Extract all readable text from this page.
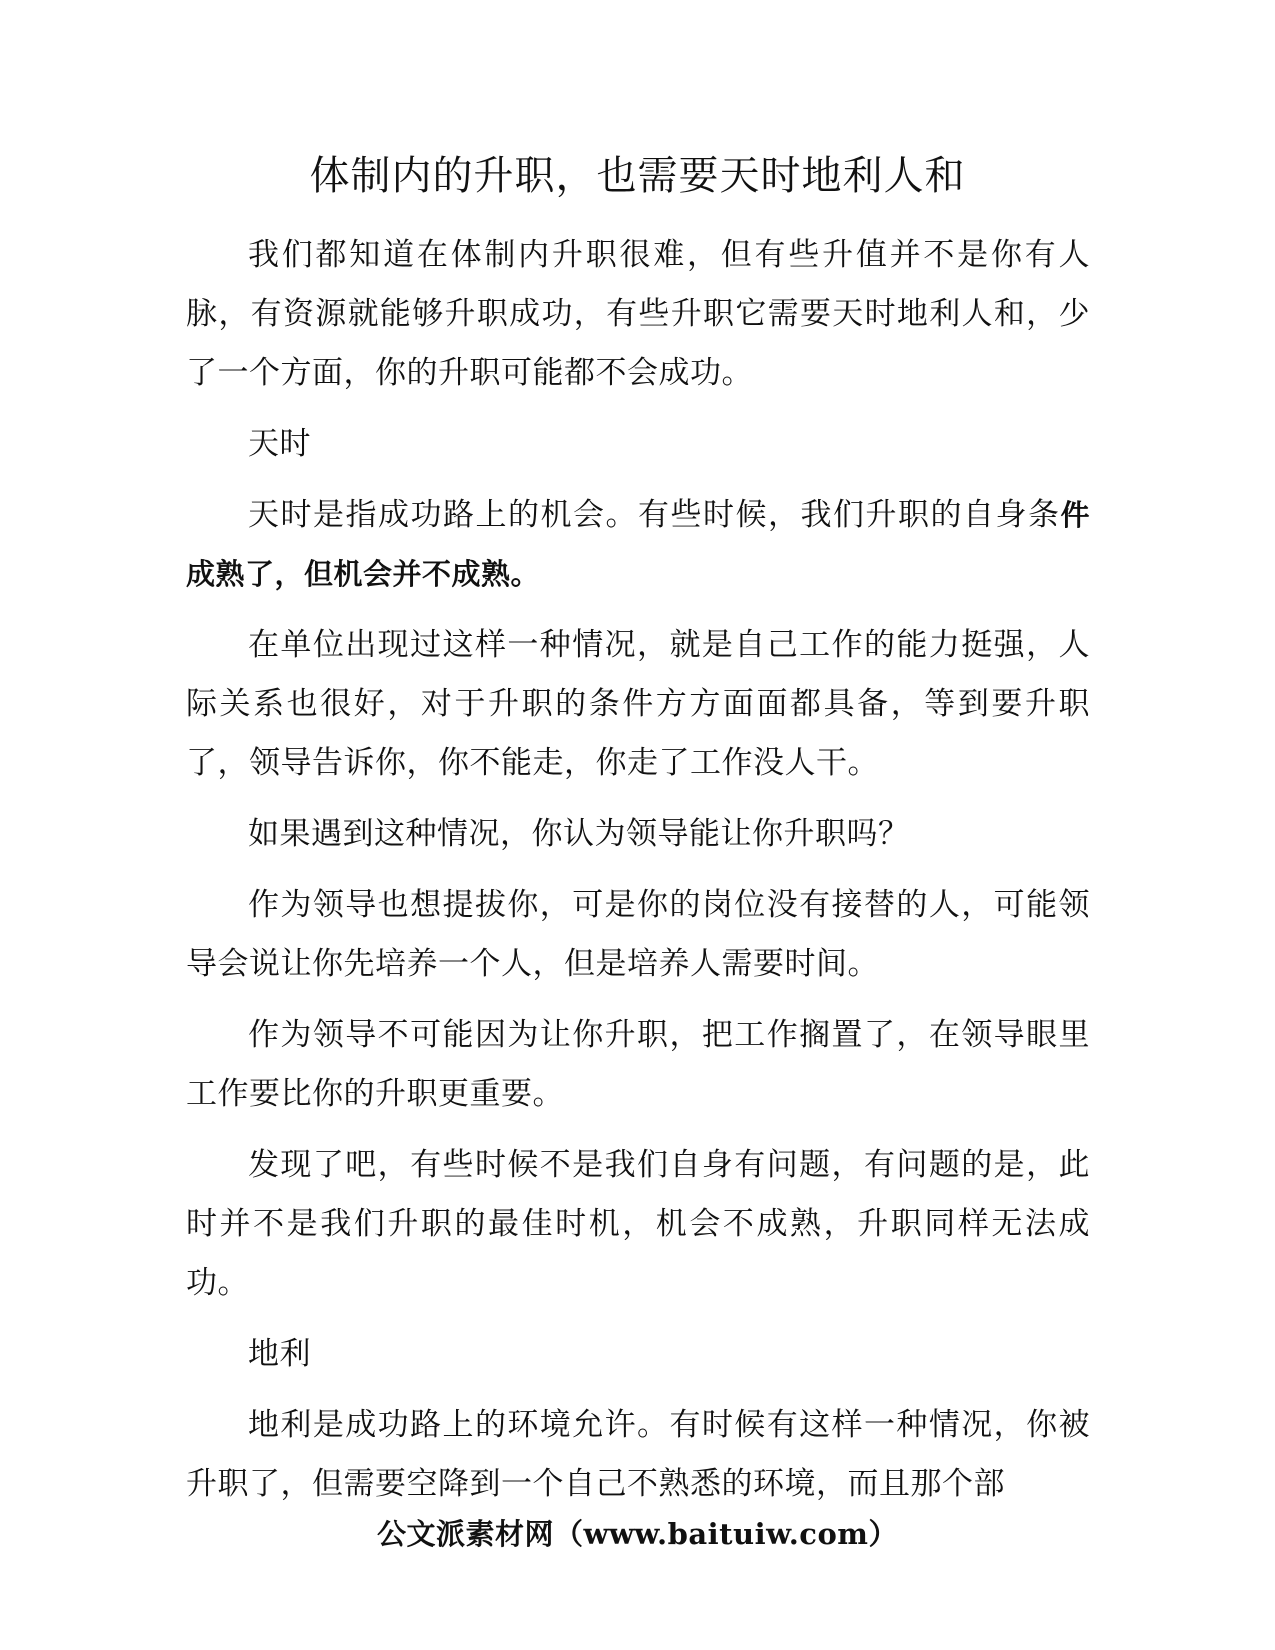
体制内的升职，也需要天时地利人和

我们都知道在体制内升职很难，但有些升值并不是你有人脉，有资源就能够升职成功，有些升职它需要天时地利人和，少了一个方面，你的升职可能都不会成功。

天时

天时是指成功路上的机会。有些时候，我们升职的自身条件成熟了，但机会并不成熟。

在单位出现过这样一种情况，就是自己工作的能力挺强，人际关系也很好，对于升职的条件方方面面都具备，等到要升职了，领导告诉你，你不能走，你走了工作没人干。

如果遇到这种情况，你认为领导能让你升职吗？

作为领导也想提拔你，可是你的岗位没有接替的人，可能领导会说让你先培养一个人，但是培养人需要时间。

作为领导不可能因为让你升职，把工作搁置了，在领导眼里工作要比你的升职更重要。

发现了吧，有些时候不是我们自身有问题，有问题的是，此时并不是我们升职的最佳时机，机会不成熟，升职同样无法成功。

地利

地利是成功路上的环境允许。有时候有这样一种情况，你被升职了，但需要空降到一个自己不熟悉的环境，而且那个部

公文派素材网（www.baituiw.com）
